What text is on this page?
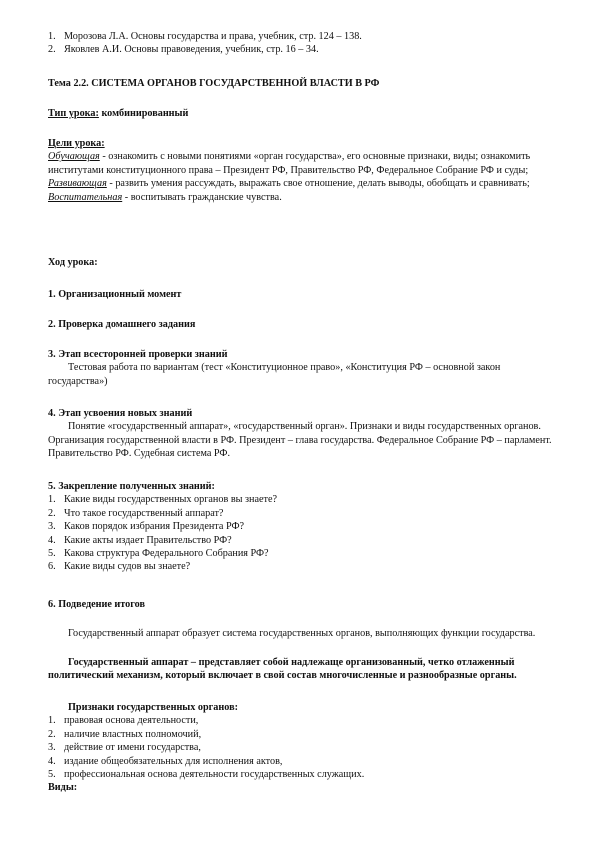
1. Морозова Л.А. Основы государства и права, учебник, стр. 124 – 138.
2. Яковлев А.И. Основы правоведения, учебник, стр. 16 – 34.

Тема 2.2. СИСТЕМА ОРГАНОВ ГОСУДАРСТВЕННОЙ ВЛАСТИ В РФ

Тип урока: комбинированный

Цели урока:

Обучающая - ознакомить с новыми понятиями «орган государства», его основные признаки, виды; ознакомить институтами конституционного права – Президент РФ, Правительство РФ, Федеральное Собрание РФ и суды;

Развивающая - развить умения рассуждать, выражать свое отношение, делать выводы, обобщать и сравнивать;

Воспитательная - воспитывать гражданские чувства.

Ход урока:

1. Организационный момент

2. Проверка домашнего задания

3. Этап всесторонней проверки знаний

Тестовая работа по вариантам (тест «Конституционное право», «Конституция РФ – основной закон государства»)

4. Этап усвоения новых знаний

Понятие «государственный аппарат», «государственный орган». Признаки и виды государственных органов. Организация государственной власти в РФ. Президент – глава государства. Федеральное Собрание РФ – парламент. Правительство РФ. Судебная система РФ.

5. Закрепление полученных знаний:

1. Какие виды государственных органов вы знаете?
2. Что такое государственный аппарат?
3. Каков порядок избрания Президента РФ?
4. Какие акты издает Правительство РФ?
5. Какова структура Федерального Собрания РФ?
6. Какие виды судов вы знаете?

6. Подведение итогов

Государственный аппарат образует система государственных органов, выполняющих функции государства.

Государственный аппарат – представляет собой надлежаще организованный, четко отлаженный политический механизм, который включает в свой состав многочисленные и разнообразные органы.

Признаки государственных органов:

1. правовая основа деятельности,
2. наличие властных полномочий,
3. действие от имени государства,
4. издание общеобязательных для исполнения актов,
5. профессиональная основа деятельности государственных служащих.

Виды:
